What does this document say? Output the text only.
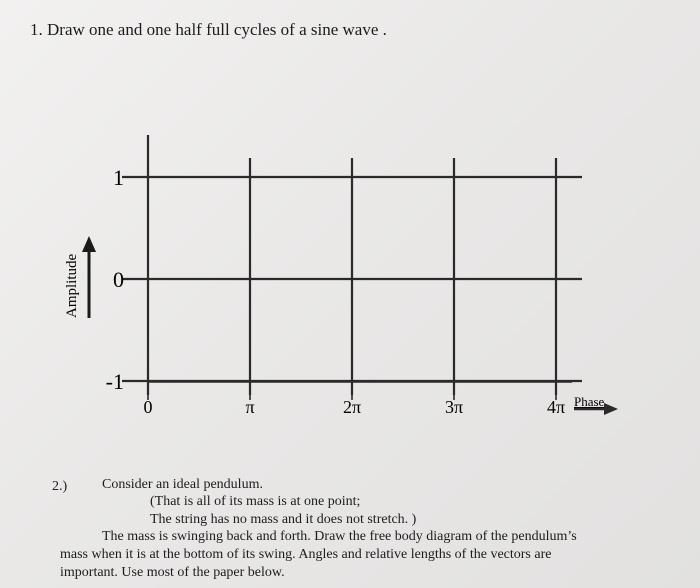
1. Draw one and one half full cycles of a sine wave .
0	π	2π	3π	4π
1
0
-1
Amplitude
Phase
2.) Consider an ideal pendulum.
(That is all of its mass is at one point;
The string has no mass and it does not stretch. )
The mass is swinging back and forth. Draw the free body diagram of the pendulum’s
mass when it is at the bottom of its swing. Angles and relative lengths of the vectors are
important. Use most of the paper below.
